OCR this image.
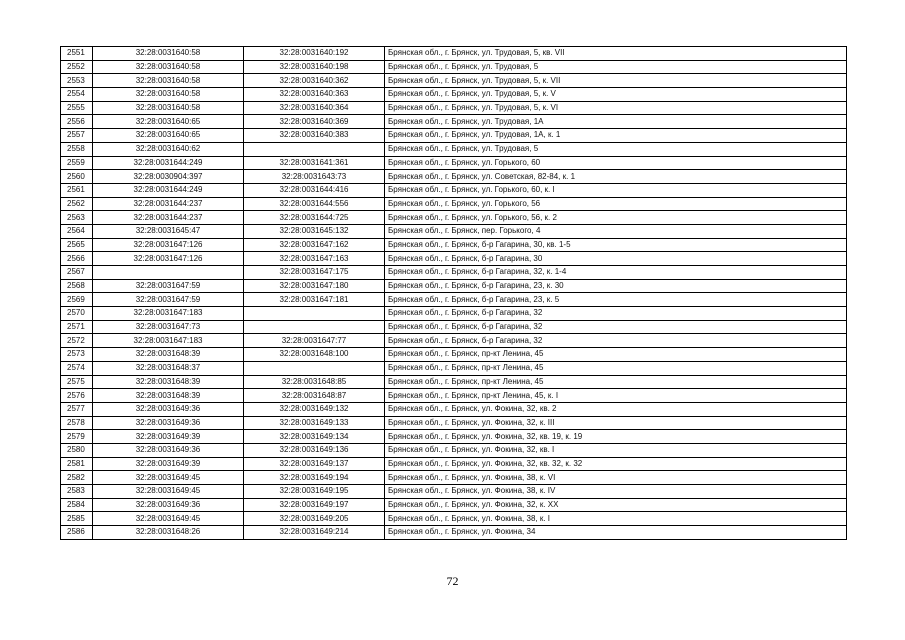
2551	32:28:0031640:58	32:28:0031640:192	Брянская обл., г. Брянск, ул. Трудовая, 5, кв. VII
2552	32:28:0031640:58	32:28:0031640:198	Брянская обл., г. Брянск, ул. Трудовая, 5
2553	32:28:0031640:58	32:28:0031640:362	Брянская обл., г. Брянск, ул. Трудовая, 5, к. VII
2554	32:28:0031640:58	32:28:0031640:363	Брянская обл., г. Брянск, ул. Трудовая, 5, к. V
2555	32:28:0031640:58	32:28:0031640:364	Брянская обл., г. Брянск, ул. Трудовая, 5, к. VI
2556	32:28:0031640:65	32:28:0031640:369	Брянская обл., г. Брянск, ул. Трудовая, 1А
2557	32:28:0031640:65	32:28:0031640:383	Брянская обл., г. Брянск, ул. Трудовая, 1А, к. 1
2558	32:28:0031640:62		Брянская обл., г. Брянск, ул. Трудовая, 5
2559	32:28:0031644:249	32:28:0031641:361	Брянская обл., г. Брянск, ул. Горького, 60
2560	32:28:0030904:397	32:28:0031643:73	Брянская обл., г. Брянск, ул. Советская, 82-84, к. 1
2561	32:28:0031644:249	32:28:0031644:416	Брянская обл., г. Брянск, ул. Горького, 60, к. I
2562	32:28:0031644:237	32:28:0031644:556	Брянская обл., г. Брянск, ул. Горького, 56
2563	32:28:0031644:237	32:28:0031644:725	Брянская обл., г. Брянск, ул. Горького, 56, к. 2
2564	32:28:0031645:47	32:28:0031645:132	Брянская обл., г. Брянск, пер. Горького, 4
2565	32:28:0031647:126	32:28:0031647:162	Брянская обл., г. Брянск, б-р Гагарина, 30, кв. 1-5
2566	32:28:0031647:126	32:28:0031647:163	Брянская обл., г. Брянск, б-р Гагарина, 30
2567		32:28:0031647:175	Брянская обл., г. Брянск, б-р Гагарина, 32, к. 1-4
2568	32:28:0031647:59	32:28:0031647:180	Брянская обл., г. Брянск, б-р Гагарина, 23, к. 30
2569	32:28:0031647:59	32:28:0031647:181	Брянская обл., г. Брянск, б-р Гагарина, 23, к. 5
2570	32:28:0031647:183		Брянская обл., г. Брянск, б-р Гагарина, 32
2571	32:28:0031647:73		Брянская обл., г. Брянск, б-р Гагарина, 32
2572	32:28:0031647:183	32:28:0031647:77	Брянская обл., г. Брянск, б-р Гагарина, 32
2573	32:28:0031648:39	32:28:0031648:100	Брянская обл., г. Брянск, пр-кт Ленина, 45
2574	32:28:0031648:37		Брянская обл., г. Брянск, пр-кт Ленина, 45
2575	32:28:0031648:39	32:28:0031648:85	Брянская обл., г. Брянск, пр-кт Ленина, 45
2576	32:28:0031648:39	32:28:0031648:87	Брянская обл., г. Брянск, пр-кт Ленина, 45, к. I
2577	32:28:0031649:36	32:28:0031649:132	Брянская обл., г. Брянск, ул. Фокина, 32, кв. 2
2578	32:28:0031649:36	32:28:0031649:133	Брянская обл., г. Брянск, ул. Фокина, 32, к. III
2579	32:28:0031649:39	32:28:0031649:134	Брянская обл., г. Брянск, ул. Фокина, 32, кв. 19, к. 19
2580	32:28:0031649:36	32:28:0031649:136	Брянская обл., г. Брянск, ул. Фокина, 32, кв. I
2581	32:28:0031649:39	32:28:0031649:137	Брянская обл., г. Брянск, ул. Фокина, 32, кв. 32, к. 32
2582	32:28:0031649:45	32:28:0031649:194	Брянская обл., г. Брянск, ул. Фокина, 38, к. VI
2583	32:28:0031649:45	32:28:0031649:195	Брянская обл., г. Брянск, ул. Фокина, 38, к. IV
2584	32:28:0031649:36	32:28:0031649:197	Брянская обл., г. Брянск, ул. Фокина, 32, к. XX
2585	32:28:0031649:45	32:28:0031649:205	Брянская обл., г. Брянск, ул. Фокина, 38, к. I
2586	32:28:0031648:26	32:28:0031649:214	Брянская обл., г. Брянск, ул. Фокина, 34
72
